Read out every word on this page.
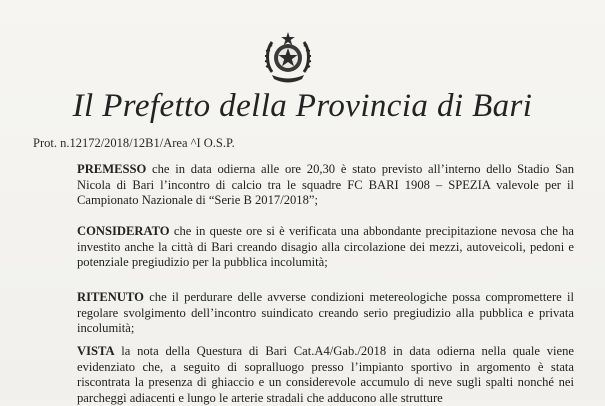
Il Prefetto della Provincia di Bari
Prot. n.12172/2018/12B1/Area ^I O.S.P.
PREMESSO che in data odierna alle ore 20,30 è stato previsto all’interno dello Stadio San Nicola di Bari l’incontro di calcio tra le squadre FC BARI 1908 – SPEZIA valevole per il Campionato Nazionale di “Serie B 2017/2018”;
CONSIDERATO che in queste ore si è verificata una abbondante precipitazione nevosa che ha investito anche la città di Bari creando disagio alla circolazione dei mezzi, autoveicoli, pedoni e potenziale pregiudizio per la pubblica incolumità;
RITENUTO che il perdurare delle avverse condizioni metereologiche possa compromettere il regolare svolgimento dell’incontro suindicato creando serio pregiudizio alla pubblica e privata incolumità;
VISTA la nota della Questura di Bari Cat.A4/Gab./2018 in data odierna nella quale viene evidenziato che, a seguito di sopralluogo presso l’impianto sportivo in argomento è stata riscontrata la presenza di ghiaccio e un considerevole accumulo di neve sugli spalti nonché nei parcheggi adiacenti e lungo le arterie stradali che adducono alle strutture
